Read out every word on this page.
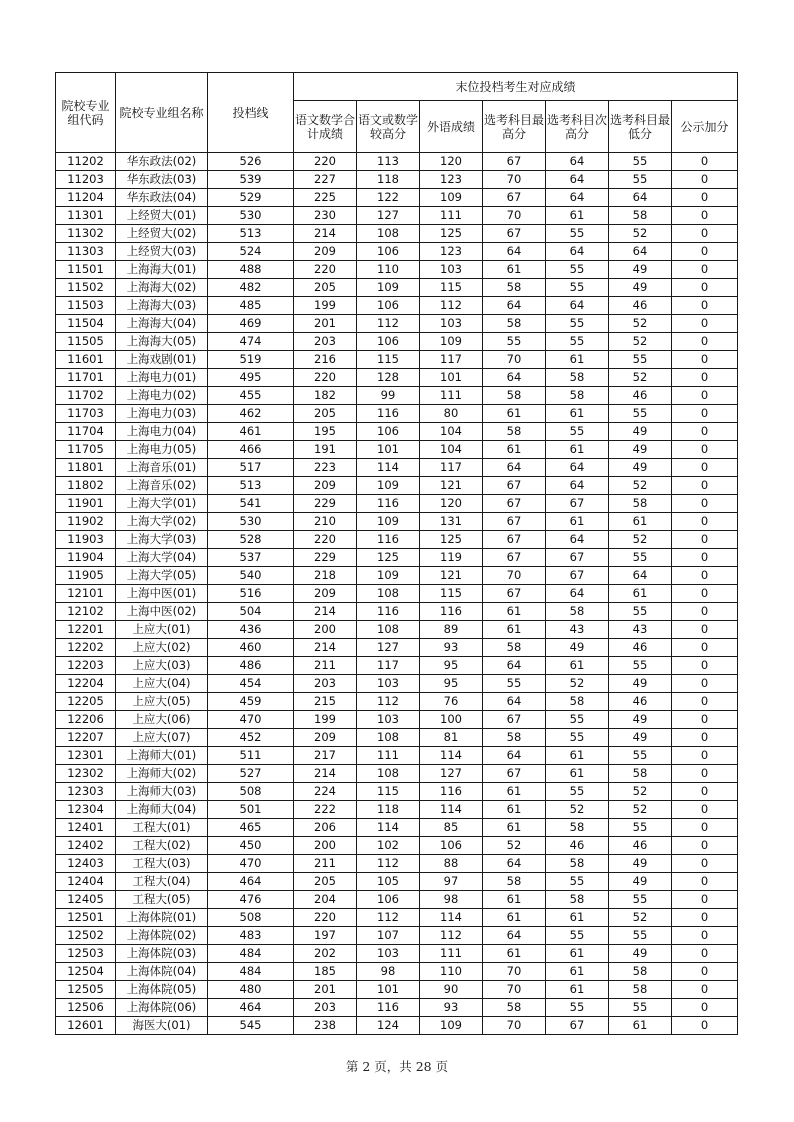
院校专业组代码	院校专业组名称	投档线	末位投档考生对应成绩						
			语文数学合计成绩	语文或数学较高分	外语成绩	选考科目最高分	选考科目次高分	选考科目最低分	公示加分
11202	华东政法(02)	526	220	113	120	67	64	55	0
11203	华东政法(03)	539	227	118	123	70	64	55	0
11204	华东政法(04)	529	225	122	109	67	64	64	0
11301	上经贸大(01)	530	230	127	111	70	61	58	0
11302	上经贸大(02)	513	214	108	125	67	55	52	0
11303	上经贸大(03)	524	209	106	123	64	64	64	0
11501	上海海大(01)	488	220	110	103	61	55	49	0
11502	上海海大(02)	482	205	109	115	58	55	49	0
11503	上海海大(03)	485	199	106	112	64	64	46	0
11504	上海海大(04)	469	201	112	103	58	55	52	0
11505	上海海大(05)	474	203	106	109	55	55	52	0
11601	上海戏剧(01)	519	216	115	117	70	61	55	0
11701	上海电力(01)	495	220	128	101	64	58	52	0
11702	上海电力(02)	455	182	99	111	58	58	46	0
11703	上海电力(03)	462	205	116	80	61	61	55	0
11704	上海电力(04)	461	195	106	104	58	55	49	0
11705	上海电力(05)	466	191	101	104	61	61	49	0
11801	上海音乐(01)	517	223	114	117	64	64	49	0
11802	上海音乐(02)	513	209	109	121	67	64	52	0
11901	上海大学(01)	541	229	116	120	67	67	58	0
11902	上海大学(02)	530	210	109	131	67	61	61	0
11903	上海大学(03)	528	220	116	125	67	64	52	0
11904	上海大学(04)	537	229	125	119	67	67	55	0
11905	上海大学(05)	540	218	109	121	70	67	64	0
12101	上海中医(01)	516	209	108	115	67	64	61	0
12102	上海中医(02)	504	214	116	116	61	58	55	0
12201	上应大(01)	436	200	108	89	61	43	43	0
12202	上应大(02)	460	214	127	93	58	49	46	0
12203	上应大(03)	486	211	117	95	64	61	55	0
12204	上应大(04)	454	203	103	95	55	52	49	0
12205	上应大(05)	459	215	112	76	64	58	46	0
12206	上应大(06)	470	199	103	100	67	55	49	0
12207	上应大(07)	452	209	108	81	58	55	49	0
12301	上海师大(01)	511	217	111	114	64	61	55	0
12302	上海师大(02)	527	214	108	127	67	61	58	0
12303	上海师大(03)	508	224	115	116	61	55	52	0
12304	上海师大(04)	501	222	118	114	61	52	52	0
12401	工程大(01)	465	206	114	85	61	58	55	0
12402	工程大(02)	450	200	102	106	52	46	46	0
12403	工程大(03)	470	211	112	88	64	58	49	0
12404	工程大(04)	464	205	105	97	58	55	49	0
12405	工程大(05)	476	204	106	98	61	58	55	0
12501	上海体院(01)	508	220	112	114	61	61	52	0
12502	上海体院(02)	483	197	107	112	64	55	55	0
12503	上海体院(03)	484	202	103	111	61	61	49	0
12504	上海体院(04)	484	185	98	110	70	61	58	0
12505	上海体院(05)	480	201	101	90	70	61	58	0
12506	上海体院(06)	464	203	116	93	58	55	55	0
12601	海医大(01)	545	238	124	109	70	67	61	0
第 2 页，共 28 页
